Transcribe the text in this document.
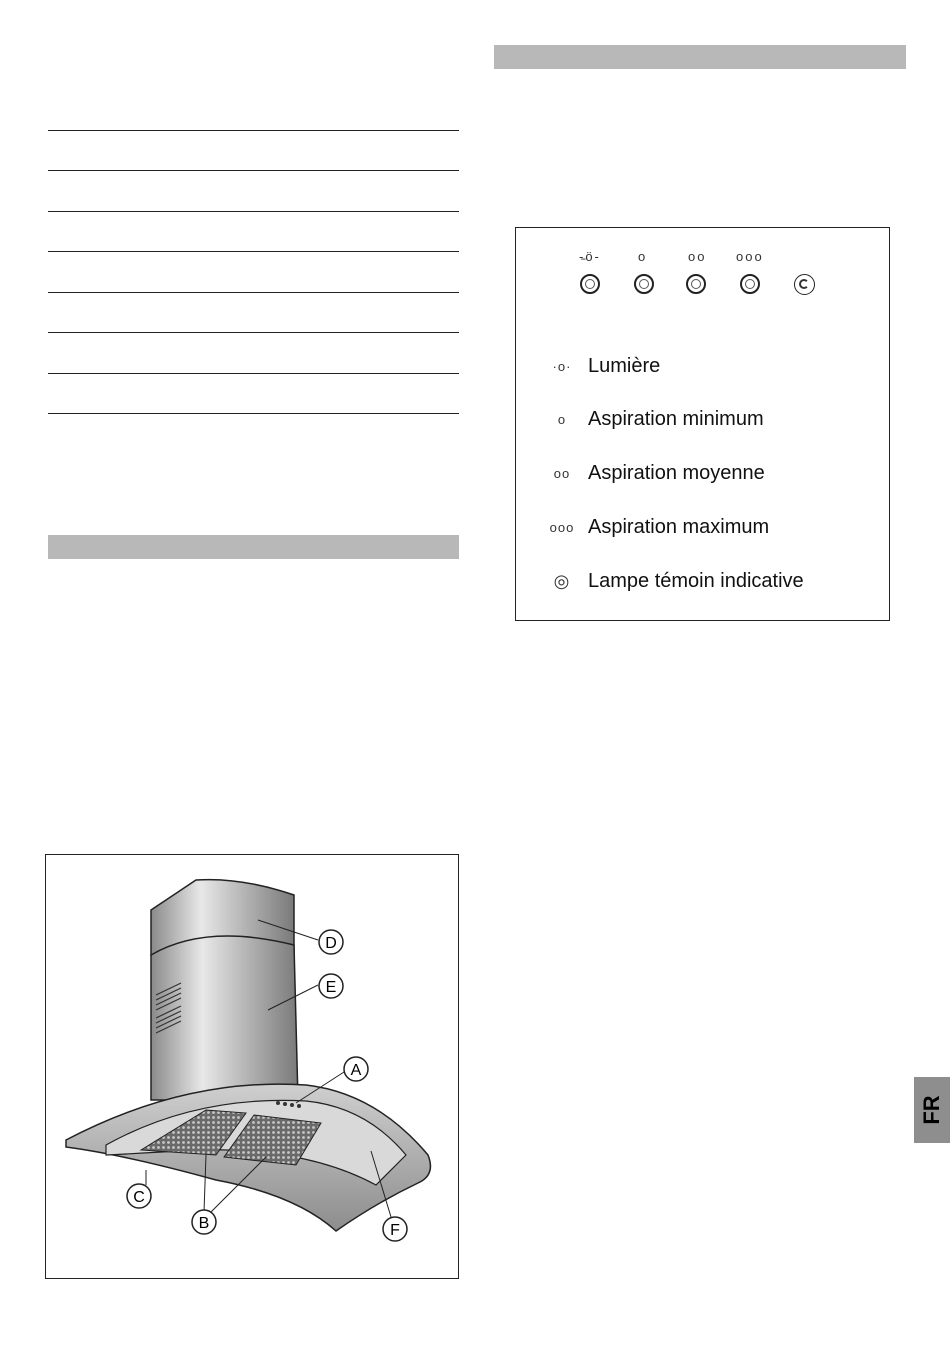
-̵ö-	o	oo ooo
·ο· Lumière
o	Aspiration minimum
oo Aspiration moyenne
ooo Aspiration maximum
◎ Lampe témoin indicative
A
B
C
D
E
F
FR
